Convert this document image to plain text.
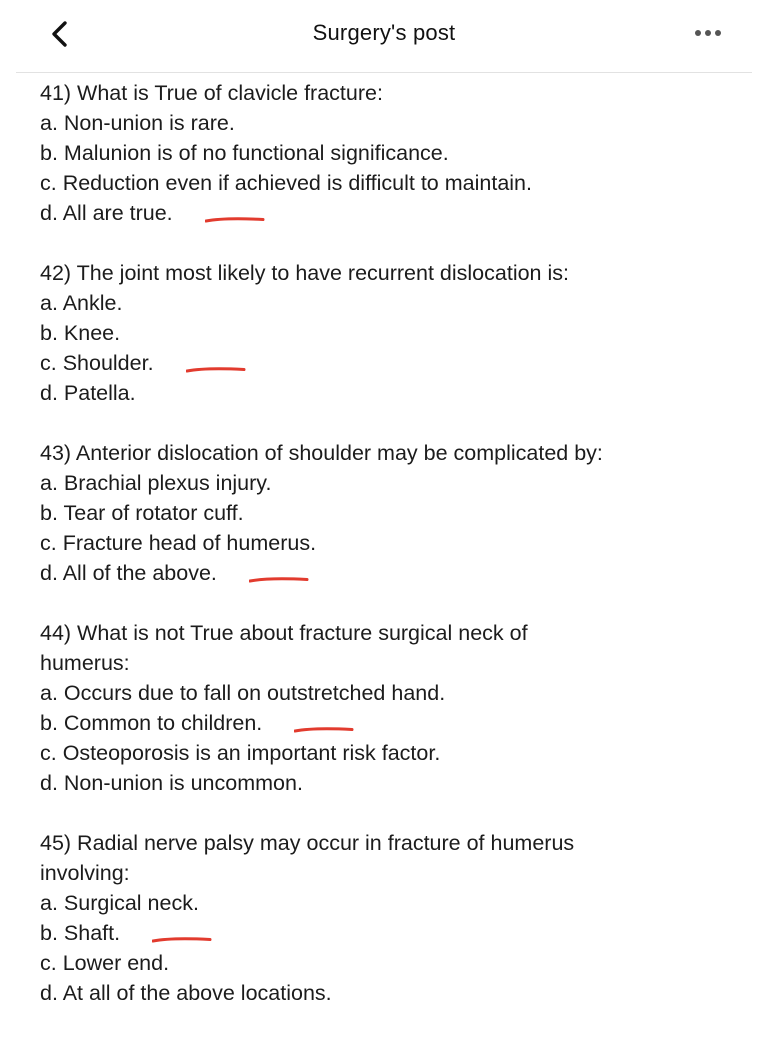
Surgery's post
41) What is True of clavicle fracture:
a. Non-union is rare.
b. Malunion is of no functional significance.
c. Reduction even if achieved is difficult to maintain.
d. All are true.
42) The joint most likely to have recurrent dislocation is:
a. Ankle.
b. Knee.
c. Shoulder.
d. Patella.
43) Anterior dislocation of shoulder may be complicated by:
a. Brachial plexus injury.
b. Tear of rotator cuff.
c. Fracture head of humerus.
d. All of the above.
44) What is not True about fracture surgical neck of
humerus:
a. Occurs due to fall on outstretched hand.
b. Common to children.
c. Osteoporosis is an important risk factor.
d. Non-union is uncommon.
45) Radial nerve palsy may occur in fracture of humerus
involving:
a. Surgical neck.
b. Shaft.
c. Lower end.
d. At all of the above locations.
